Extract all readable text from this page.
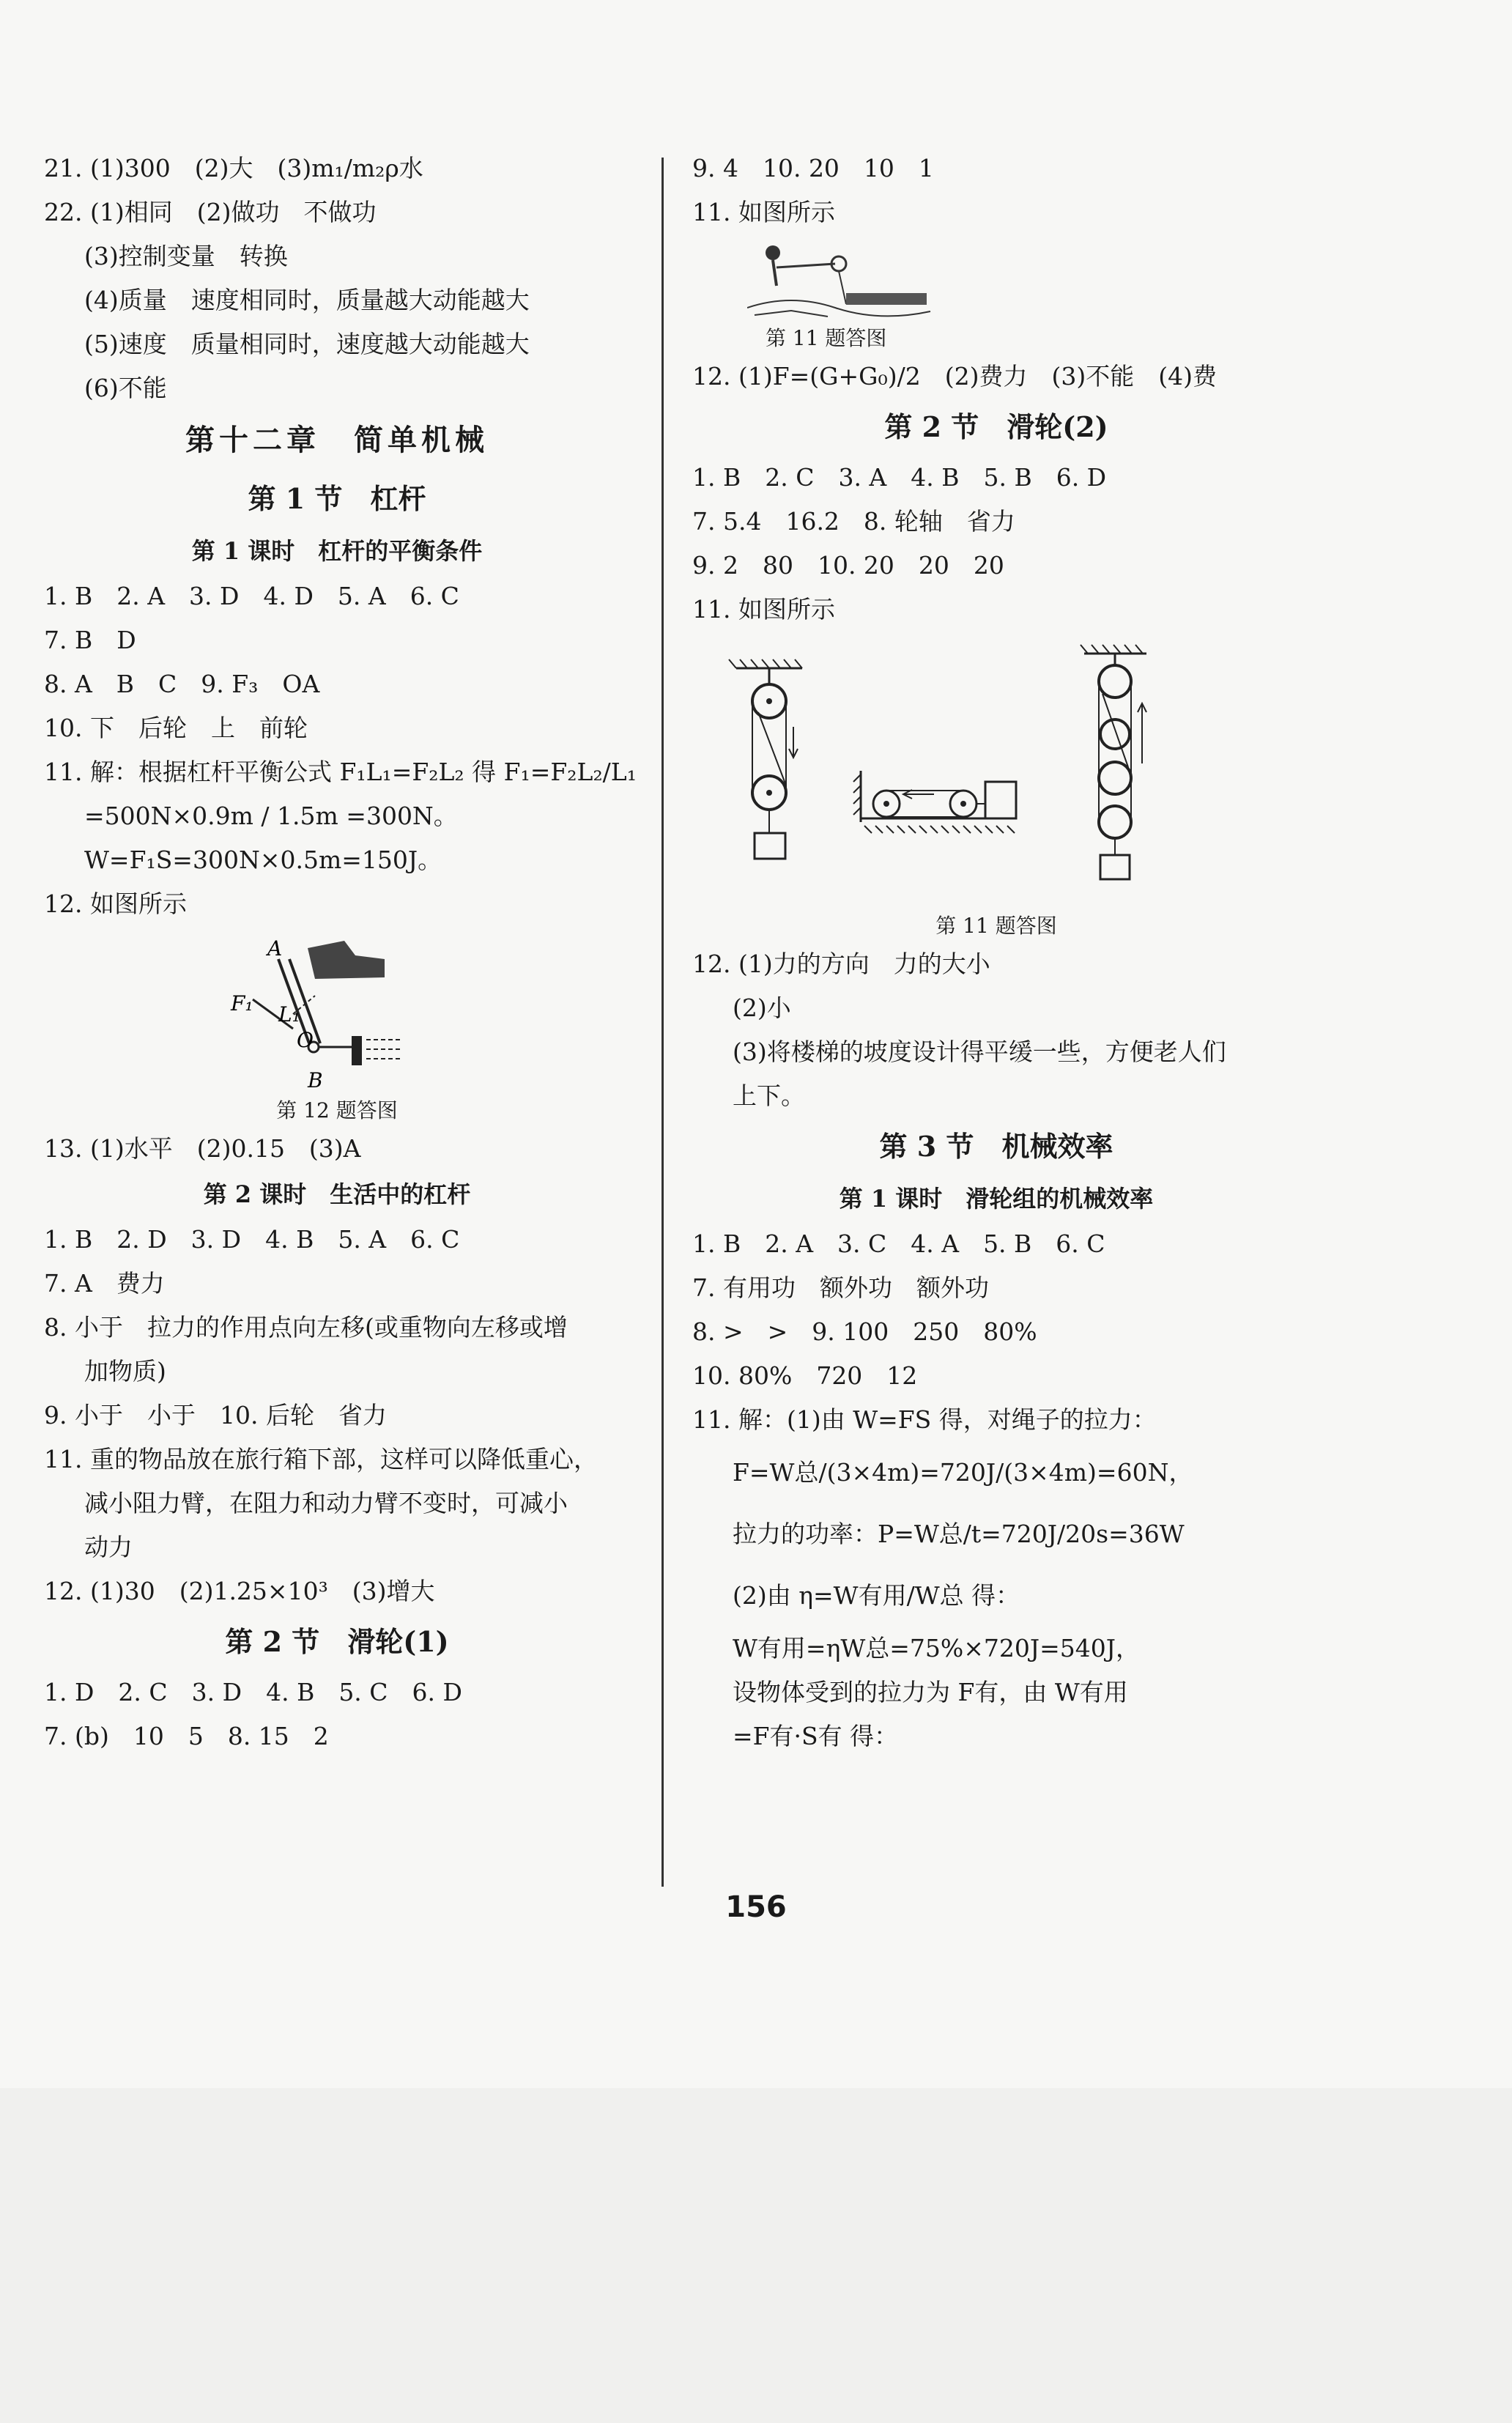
21. (1)300　(2)大　(3)m₁/m₂ρ水
22. (1)相同　(2)做功　不做功
(3)控制变量　转换
(4)质量　速度相同时，质量越大动能越大
(5)速度　质量相同时，速度越大动能越大
(6)不能
第十二章　简单机械
第 1 节　杠杆
第 1 课时　杠杆的平衡条件
1. B　2. A　3. D　4. D　5. A　6. C
7. B　D
8. A　B　C　9. F₃　OA
10. 下　后轮　上　前轮
11. 解：根据杠杆平衡公式 F₁L₁=F₂L₂ 得 F₁=F₂L₂/L₁
=500N×0.9m / 1.5m =300N。
W=F₁S=300N×0.5m=150J。
12. 如图所示
A
F₁ L₁
O
B
第 12 题答图
13. (1)水平　(2)0.15　(3)A
第 2 课时　生活中的杠杆
1. B　2. D　3. D　4. B　5. A　6. C
7. A　费力
8. 小于　拉力的作用点向左移(或重物向左移或增
加物质)
9. 小于　小于　10. 后轮　省力
11. 重的物品放在旅行箱下部，这样可以降低重心，
减小阻力臂，在阻力和动力臂不变时，可减小
动力
12. (1)30　(2)1.25×10³　(3)增大
第 2 节　滑轮(1)
1. D　2. C　3. D　4. B　5. C　6. D
7. (b)　10　5　8. 15　2
9. 4　10. 20　10　1
11. 如图所示
第 11 题答图
12. (1)F=(G+G₀)/2　(2)费力　(3)不能　(4)费
第 2 节　滑轮(2)
1. B　2. C　3. A　4. B　5. B　6. D
7. 5.4　16.2　8. 轮轴　省力
9. 2　80　10. 20　20　20
11. 如图所示
第 11 题答图
12. (1)力的方向　力的大小
(2)小
(3)将楼梯的坡度设计得平缓一些，方便老人们
上下。
第 3 节　机械效率
第 1 课时　滑轮组的机械效率
1. B　2. A　3. C　4. A　5. B　6. C
7. 有用功　额外功　额外功
8. >　>　9. 100　250　80%
10. 80%　720　12
11. 解：(1)由 W=FS 得，对绳子的拉力：
F=W总/(3×4m)=720J/(3×4m)=60N，
拉力的功率：P=W总/t=720J/20s=36W
(2)由 η=W有用/W总 得：
W有用=ηW总=75%×720J=540J，
设物体受到的拉力为 F有，由 W有用
=F有·S有 得：
156
